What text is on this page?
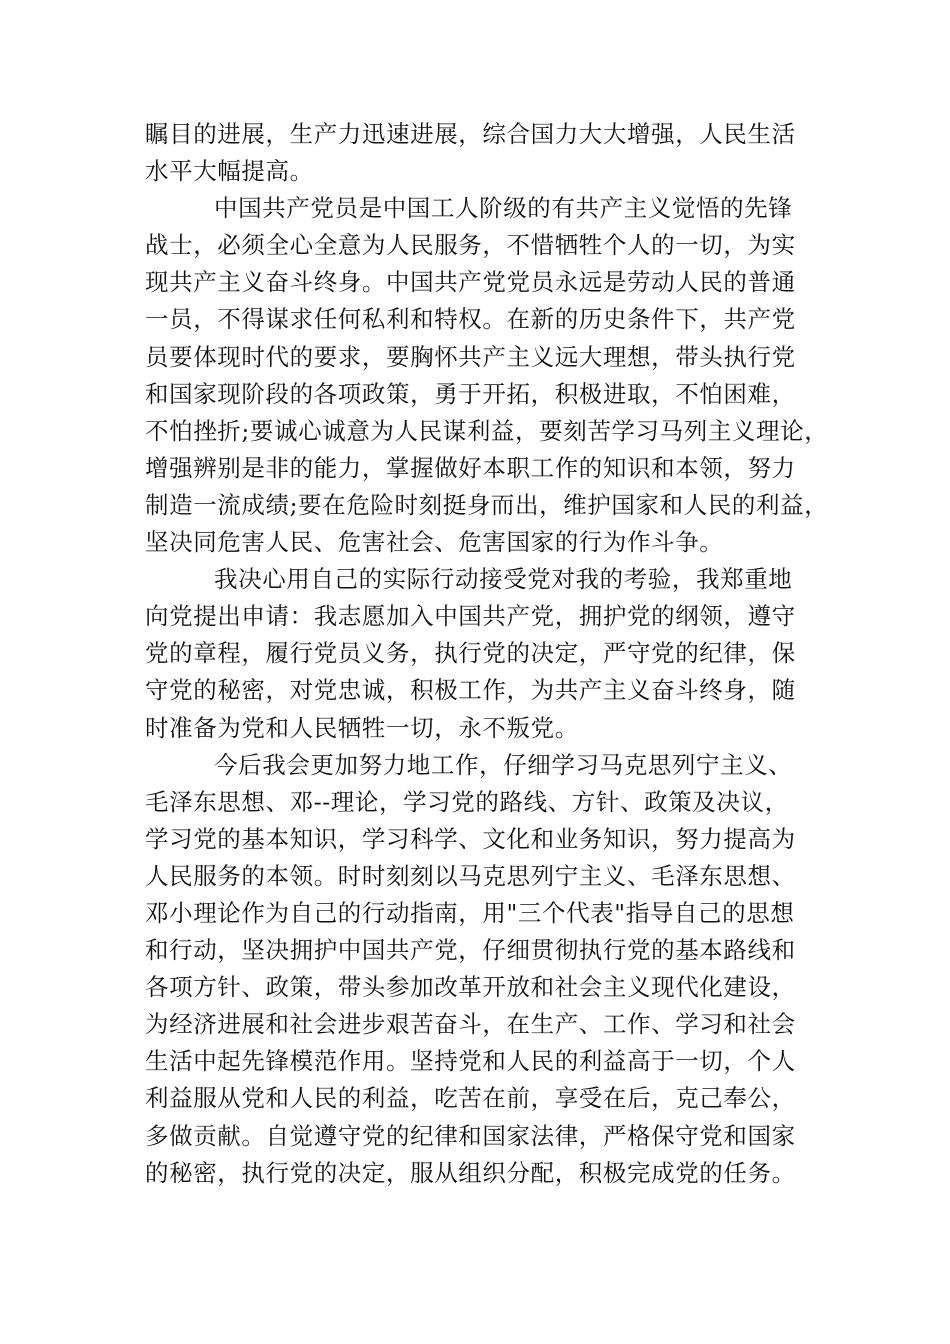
瞩目的进展，生产力迅速进展，综合国力大大增强，人民生活
水平大幅提高。
中国共产党员是中国工人阶级的有共产主义觉悟的先锋
战士，必须全心全意为人民服务，不惜牺牲个人的一切，为实
现共产主义奋斗终身。中国共产党党员永远是劳动人民的普通
一员，不得谋求任何私利和特权。在新的历史条件下，共产党
员要体现时代的要求，要胸怀共产主义远大理想，带头执行党
和国家现阶段的各项政策，勇于开拓，积极进取，不怕困难，
不怕挫折;要诚心诚意为人民谋利益，要刻苦学习马列主义理论，
增强辨别是非的能力，掌握做好本职工作的知识和本领，努力
制造一流成绩;要在危险时刻挺身而出，维护国家和人民的利益，
坚决同危害人民、危害社会、危害国家的行为作斗争。
我决心用自己的实际行动接受党对我的考验，我郑重地
向党提出申请：我志愿加入中国共产党，拥护党的纲领，遵守
党的章程，履行党员义务，执行党的决定，严守党的纪律，保
守党的秘密，对党忠诚，积极工作，为共产主义奋斗终身，随
时准备为党和人民牺牲一切，永不叛党。
今后我会更加努力地工作，仔细学习马克思列宁主义、
毛泽东思想、邓--理论，学习党的路线、方针、政策及决议，
学习党的基本知识，学习科学、文化和业务知识，努力提高为
人民服务的本领。时时刻刻以马克思列宁主义、毛泽东思想、
邓小理论作为自己的行动指南，用"三个代表"指导自己的思想
和行动，坚决拥护中国共产党，仔细贯彻执行党的基本路线和
各项方针、政策，带头参加改革开放和社会主义现代化建设，
为经济进展和社会进步艰苦奋斗，在生产、工作、学习和社会
生活中起先锋模范作用。坚持党和人民的利益高于一切，个人
利益服从党和人民的利益，吃苦在前，享受在后，克己奉公，
多做贡献。自觉遵守党的纪律和国家法律，严格保守党和国家
的秘密，执行党的决定，服从组织分配，积极完成党的任务。
